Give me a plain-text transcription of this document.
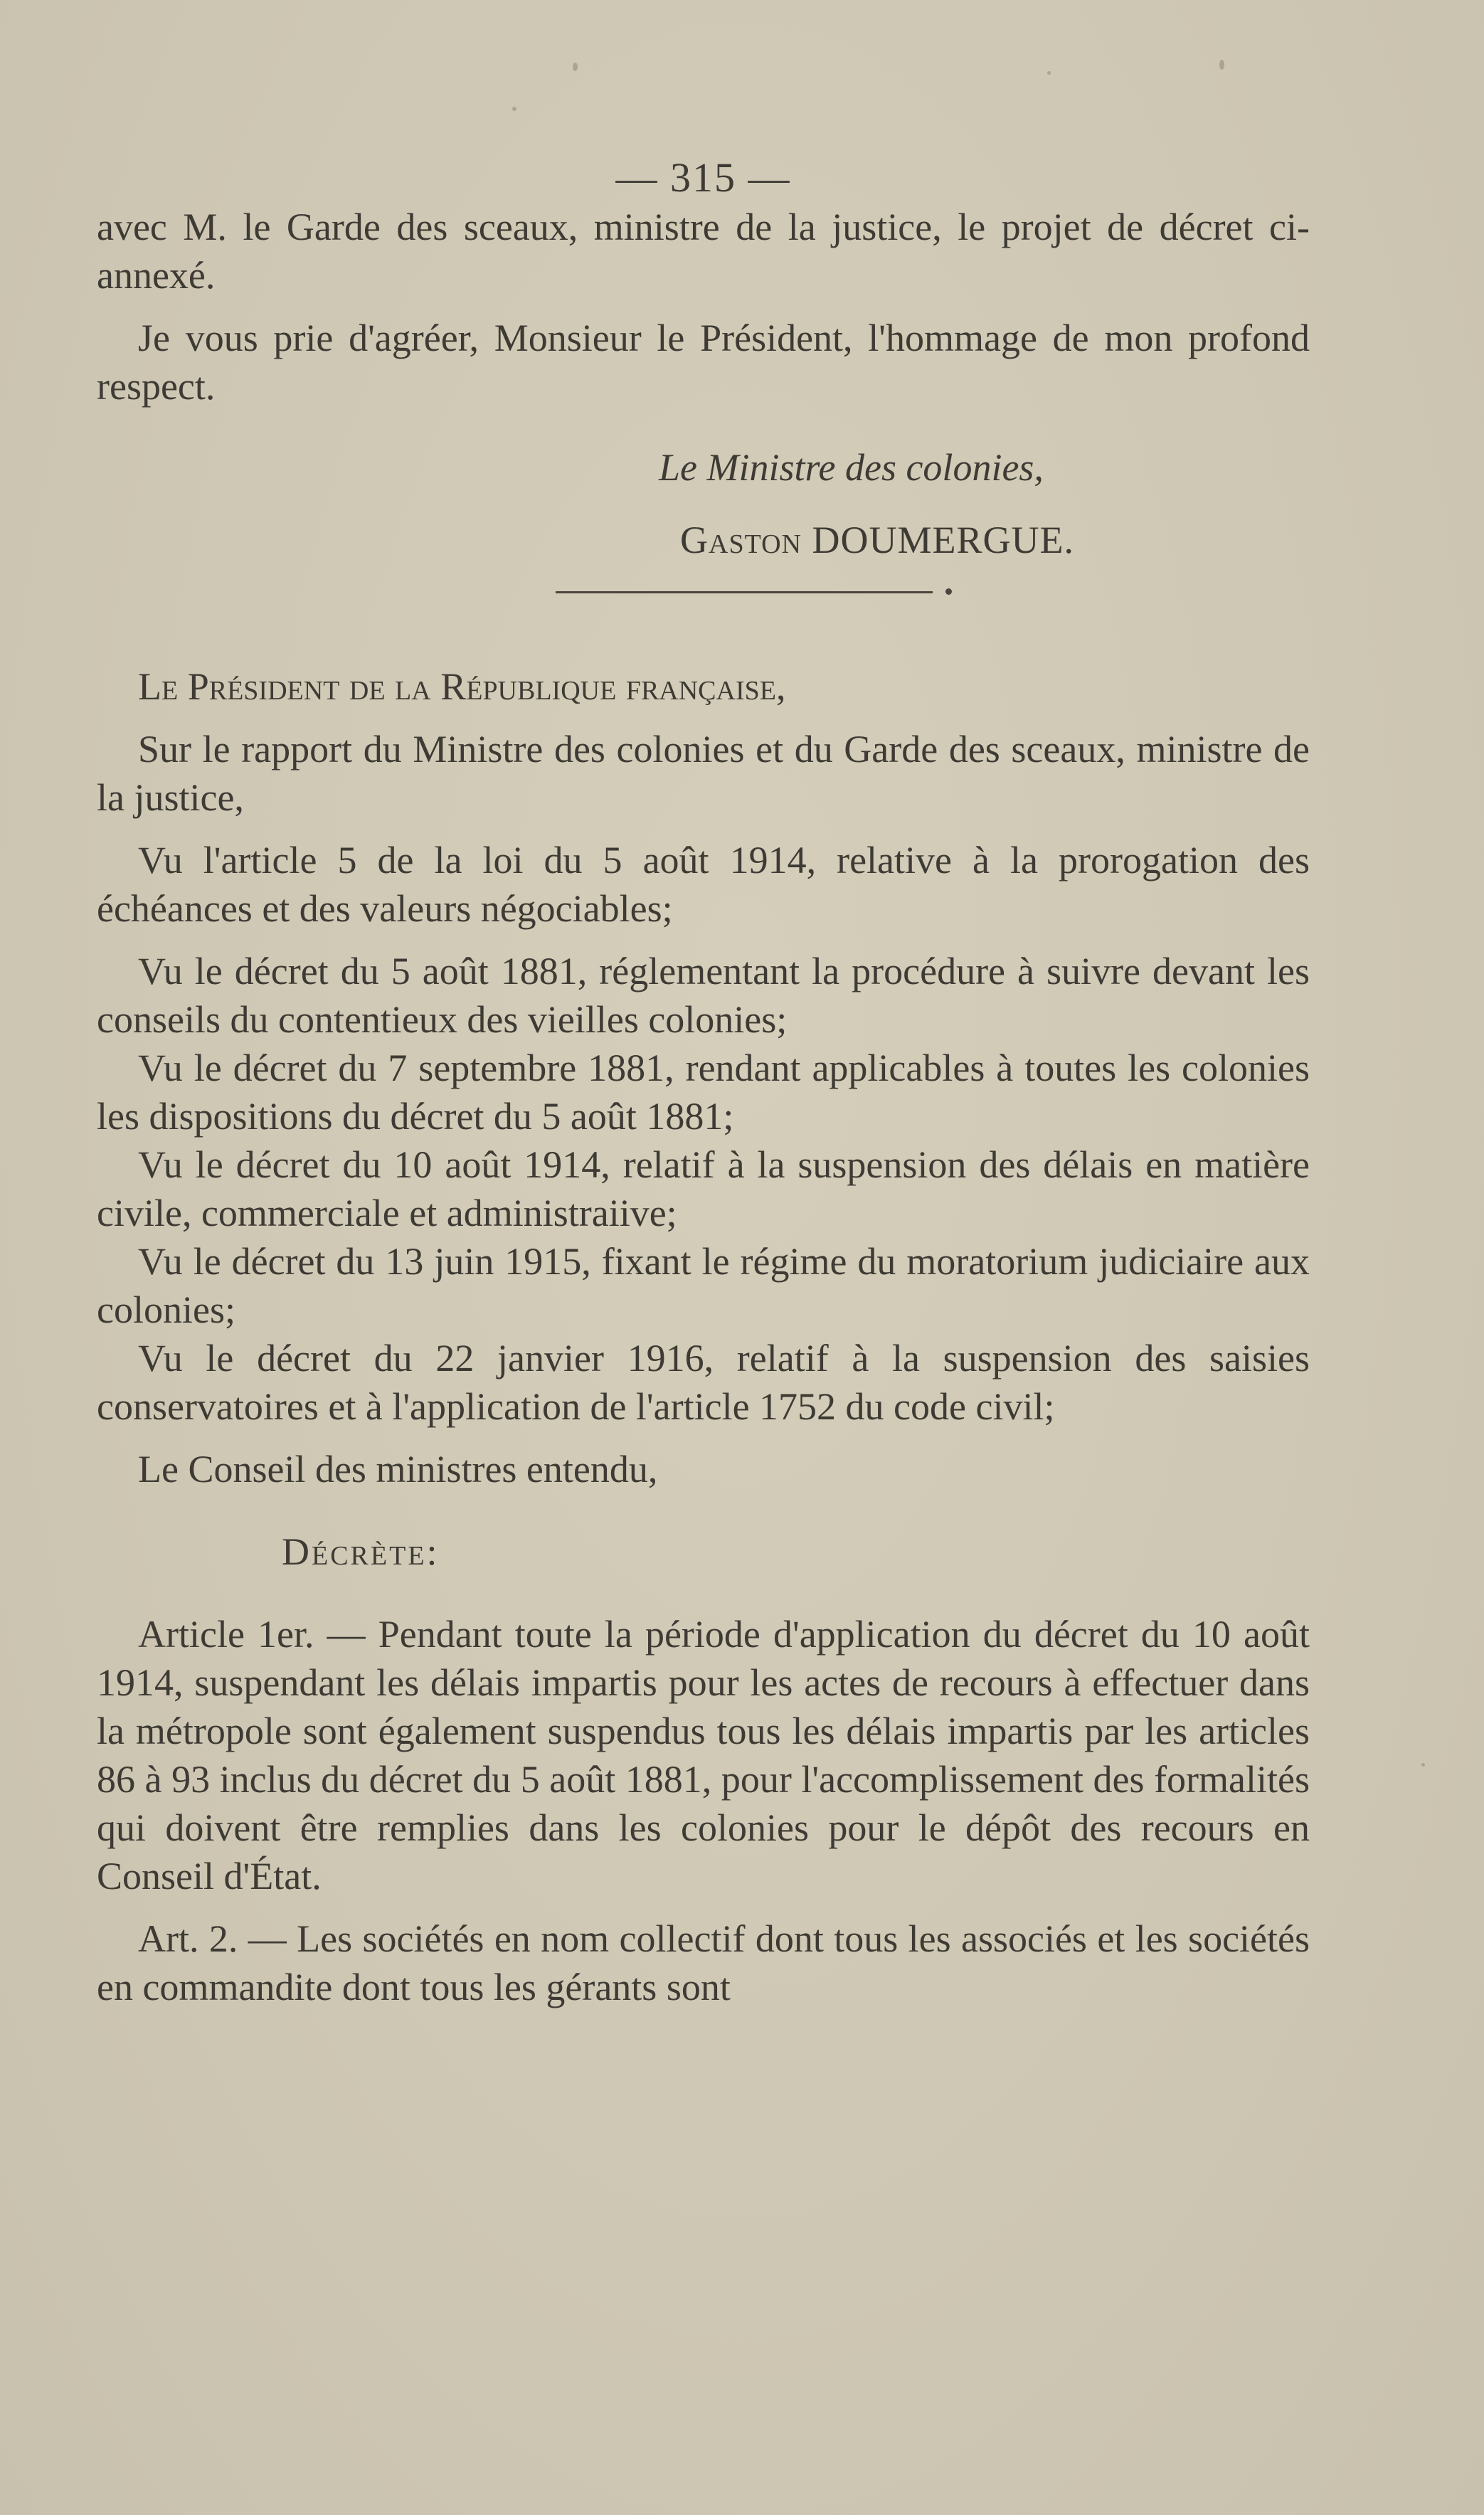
— 315 —

avec M. le Garde des sceaux, ministre de la justice, le projet de décret ci-annexé.

Je vous prie d'agréer, Monsieur le Président, l'hommage de mon profond respect.

Le Ministre des colonies,

Gaston DOUMERGUE.

Le Président de la République française,

Sur le rapport du Ministre des colonies et du Garde des sceaux, ministre de la justice,

Vu l'article 5 de la loi du 5 août 1914, relative à la prorogation des échéances et des valeurs négociables;

Vu le décret du 5 août 1881, réglementant la procédure à suivre devant les conseils du contentieux des vieilles colonies;

Vu le décret du 7 septembre 1881, rendant applicables à toutes les colonies les dispositions du décret du 5 août 1881;

Vu le décret du 10 août 1914, relatif à la suspension des délais en matière civile, commerciale et administraiive;

Vu le décret du 13 juin 1915, fixant le régime du moratorium judiciaire aux colonies;

Vu le décret du 22 janvier 1916, relatif à la suspension des saisies conservatoires et à l'application de l'article 1752 du code civil;

Le Conseil des ministres entendu,

Décrète:

Article 1er. — Pendant toute la période d'application du décret du 10 août 1914, suspendant les délais impartis pour les actes de recours à effectuer dans la métropole sont également suspendus tous les délais impartis par les articles 86 à 93 inclus du décret du 5 août 1881, pour l'accomplissement des formalités qui doivent être remplies dans les colonies pour le dépôt des recours en Conseil d'État.

Art. 2. — Les sociétés en nom collectif dont tous les associés et les sociétés en commandite dont tous les gérants sont
